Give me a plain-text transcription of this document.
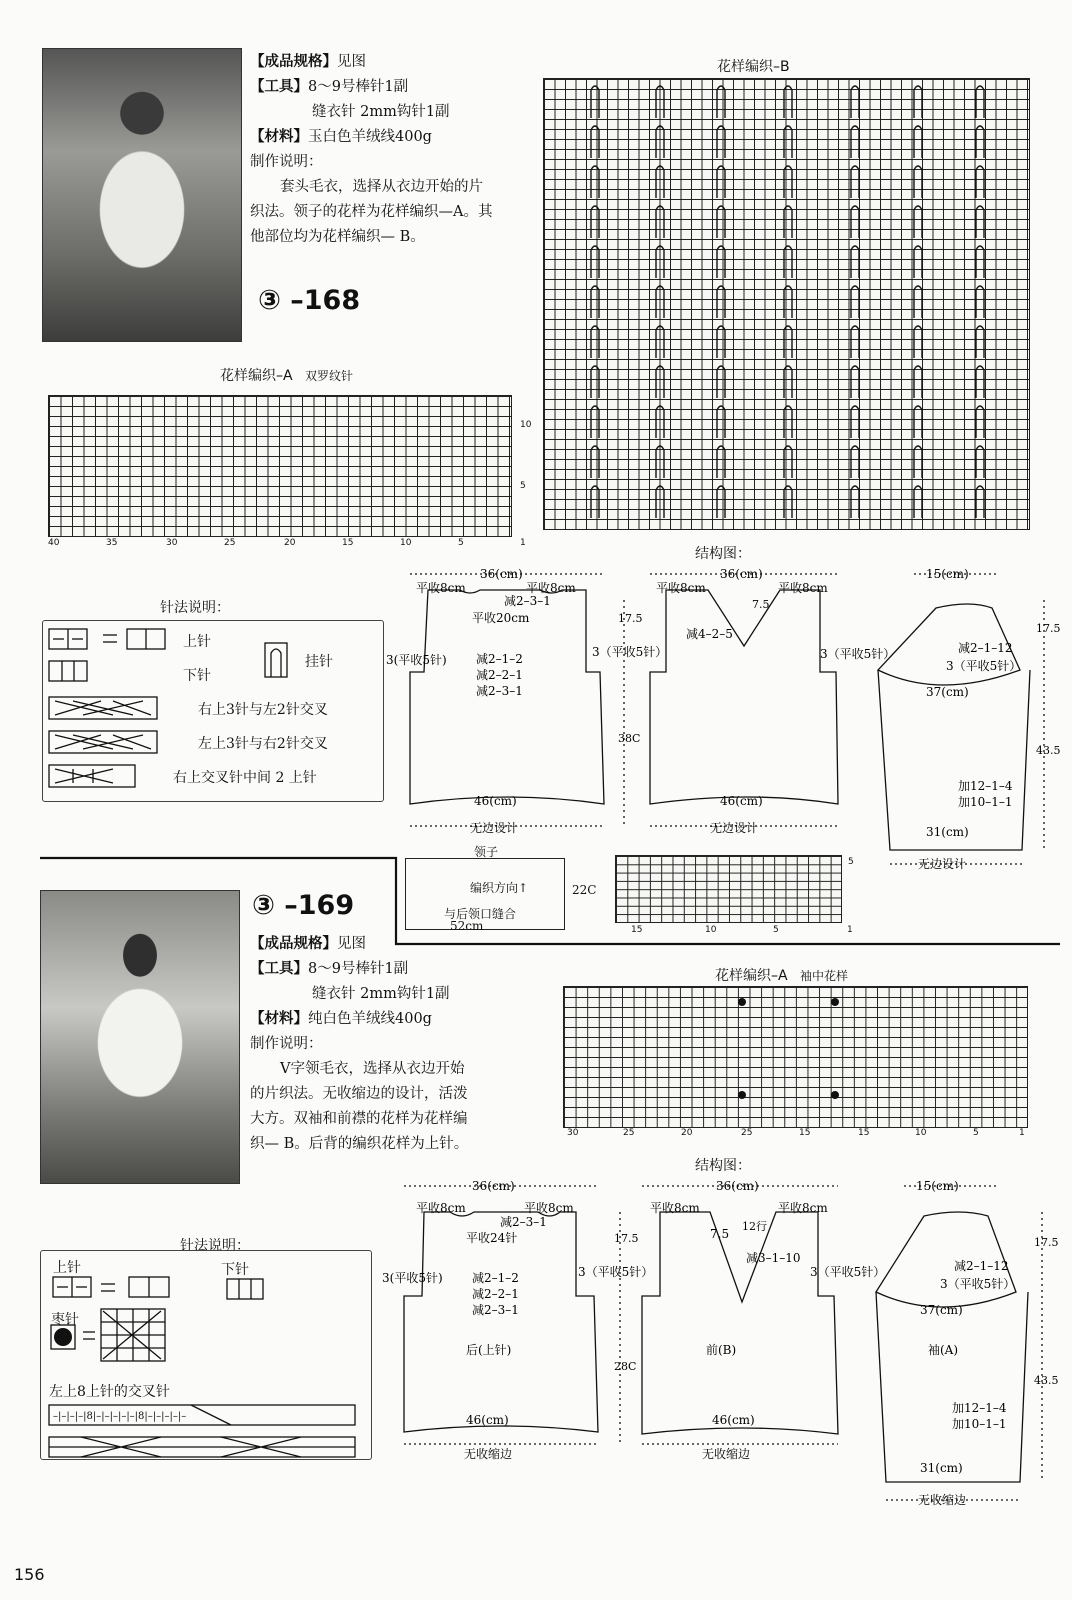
【成品规格】见图
【工具】8～9号棒针1副
缝衣针 2mm钩针1副
【材料】玉白色羊绒线400g
制作说明：
套头毛衣，选择从衣边开始的片
织法。领子的花样为花样编织—A。其
他部位均为花样编织— B。
③ –168
花样编织–B
花样编织–A 双罗纹针
10
5
40	35	30	25	20	15	10	5	1
针法说明：
上针
下针
挂针
右上3针与左2针交叉
左上3针与右2针交叉
右上交叉针中间 2 上针
结构图：
36(cm)
平收8cm	平收8cm
减2–3–1
平收20cm
3(平收5针) 减2–1–2
减2–2–1
减2–3–1
3（平收5针）
46(cm)
无边设计
36(cm)
平收8cm	平收8cm
减4–2–5
7.5
3（平收5针）
46(cm)
无边设计
17.5
38C
15(cm)
减2–1–12
3（平收5针）
37(cm)
加12–1–4
加10–1–1
31(cm)
无边设计
17.5
43.5
领子
编织方向↑
与后领口缝合
52cm
22C
5
15	10	5	1
③ –169
【成品规格】见图
【工具】8～9号棒针1副
缝衣针 2mm钩针1副
【材料】纯白色羊绒线400g
制作说明：
V字领毛衣，选择从衣边开始
的片织法。无收缩边的设计，活泼
大方。双袖和前襟的花样为花样编
织— B。后背的编织花样为上针。
花样编织–A 袖中花样
30	25	20	25	15	15	10	5	1
针法说明：
上针	下针
枣针
左上8上针的交叉针
–|–|–|–|8|–|–|–|–|–|8|–|–|–|–|–
结构图：
36(cm)
平收8cm	平收8cm
减2–3–1
平收24针
3(平收5针) 减2–1–2
减2–2–1
减2–3–1
3（平收5针）
后(上针)
46(cm)
无收缩边
36(cm)
平收8cm	平收8cm
7.5
12行
减3–1–10
3（平收5针）
前(B)
46(cm)
无收缩边
17.5
28C
15(cm)
减2–1–12
3（平收5针）
37(cm)
袖(A)
加12–1–4
加10–1–1
31(cm)
无收缩边
17.5
43.5
156
